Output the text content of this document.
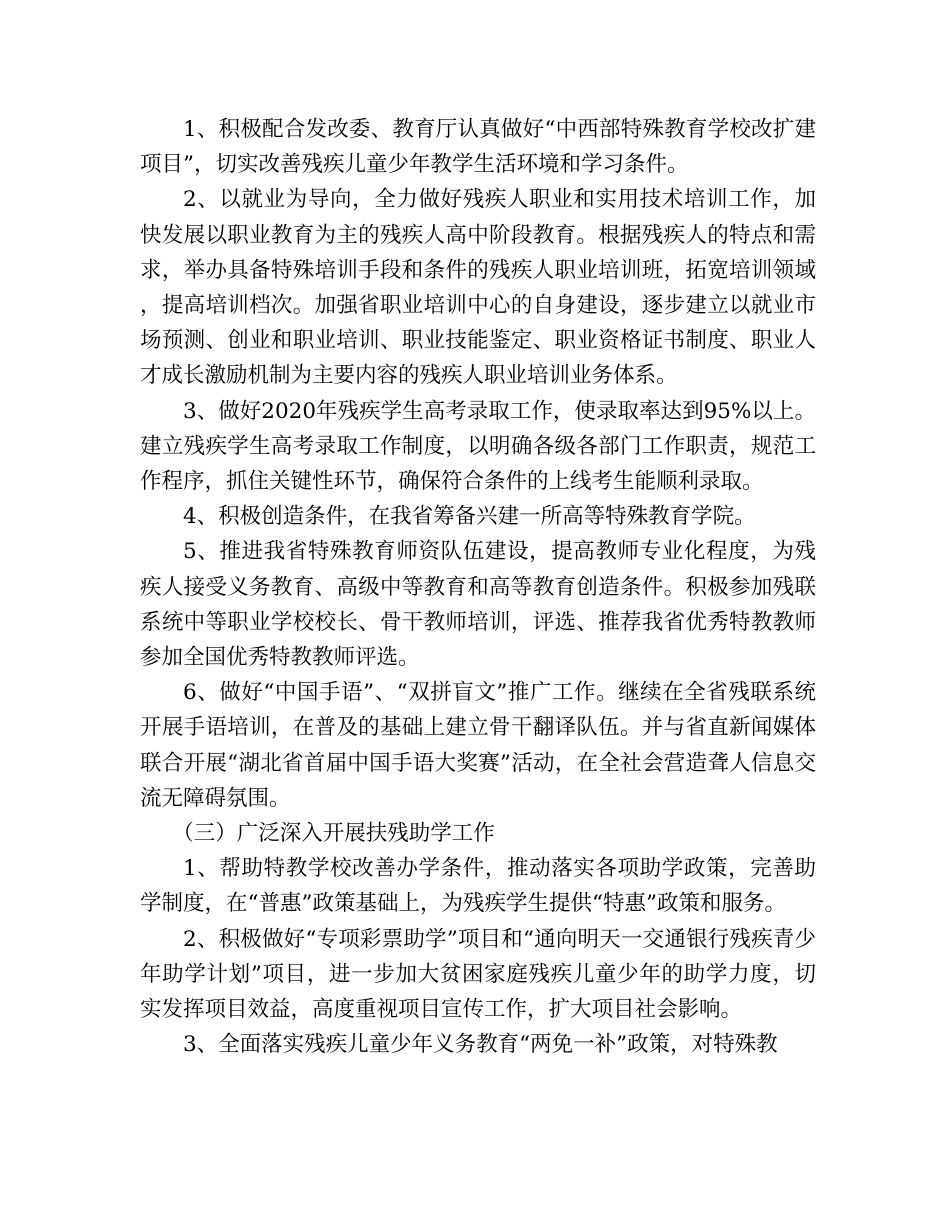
1、积极配合发改委、教育厅认真做好“中西部特殊教育学校改扩建项目”，切实改善残疾儿童少年教学生活环境和学习条件。

2、以就业为导向，全力做好残疾人职业和实用技术培训工作，加快发展以职业教育为主的残疾人高中阶段教育。根据残疾人的特点和需求，举办具备特殊培训手段和条件的残疾人职业培训班，拓宽培训领域，提高培训档次。加强省职业培训中心的自身建设，逐步建立以就业市场预测、创业和职业培训、职业技能鉴定、职业资格证书制度、职业人才成长激励机制为主要内容的残疾人职业培训业务体系。

3、做好2020年残疾学生高考录取工作，使录取率达到95%以上。建立残疾学生高考录取工作制度，以明确各级各部门工作职责，规范工作程序，抓住关键性环节，确保符合条件的上线考生能顺利录取。

4、积极创造条件，在我省筹备兴建一所高等特殊教育学院。

5、推进我省特殊教育师资队伍建设，提高教师专业化程度，为残疾人接受义务教育、高级中等教育和高等教育创造条件。积极参加残联系统中等职业学校校长、骨干教师培训，评选、推荐我省优秀特教教师参加全国优秀特教教师评选。

6、做好“中国手语”、“双拼盲文”推广工作。继续在全省残联系统开展手语培训，在普及的基础上建立骨干翻译队伍。并与省直新闻媒体联合开展“湖北省首届中国手语大奖赛”活动，在全社会营造聋人信息交流无障碍氛围。

（三）广泛深入开展扶残助学工作

1、帮助特教学校改善办学条件，推动落实各项助学政策，完善助学制度，在“普惠”政策基础上，为残疾学生提供“特惠”政策和服务。

2、积极做好“专项彩票助学”项目和“通向明天一交通银行残疾青少年助学计划”项目，进一步加大贫困家庭残疾儿童少年的助学力度，切实发挥项目效益，高度重视项目宣传工作，扩大项目社会影响。

3、全面落实残疾儿童少年义务教育“两免一补”政策，对特殊教
